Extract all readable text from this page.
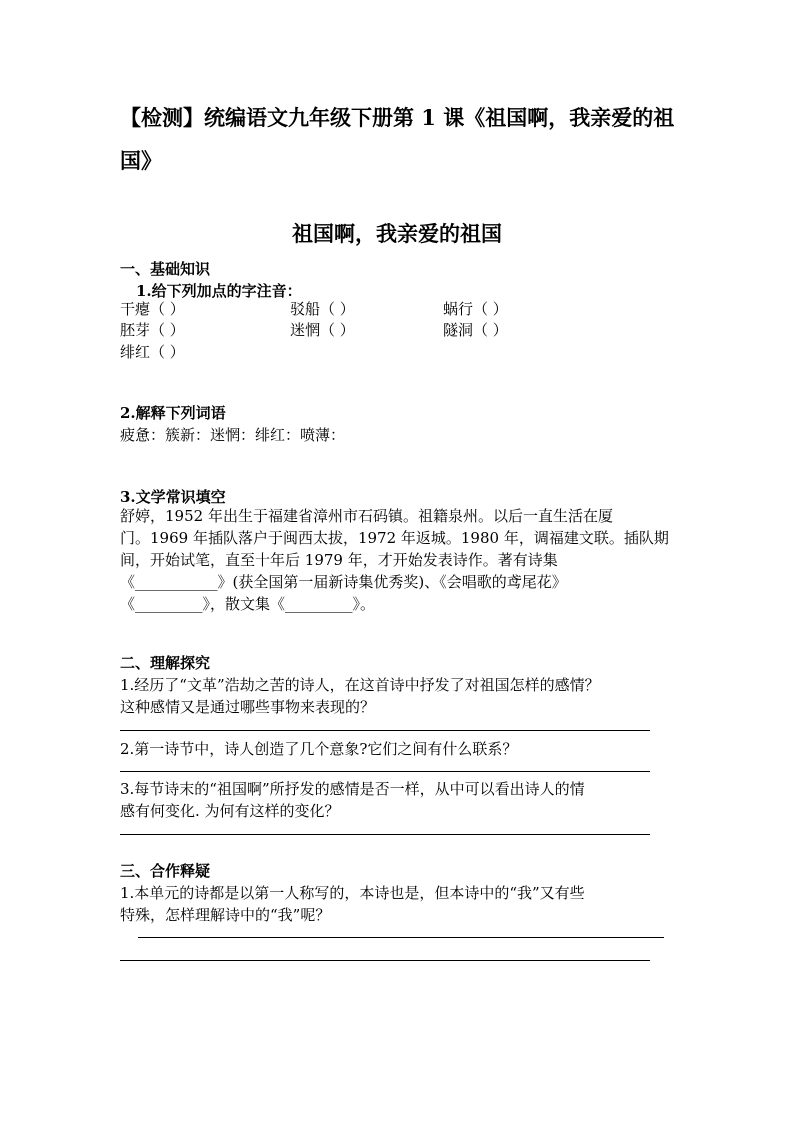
【检测】统编语文九年级下册第 1 课《祖国啊，我亲爱的祖国》
祖国啊，我亲爱的祖国
一、基础知识
1.给下列加点的字注音：
干瘪（ ）	驳船（ ）	蜗行（ ）
胚芽（ ）	迷惘（ ）	隧洞（ ）
绯红（ ）
2.解释下列词语
疲惫：簇新：迷惘：绯红：喷薄：
3.文学常识填空
舒婷，1952 年出生于福建省漳州市石码镇。祖籍泉州。以后一直生活在厦
门。1969 年插队落户于闽西太拔，1972 年返城。1980 年，调福建文联。插队期
间，开始试笔，直至十年后 1979 年，才开始发表诗作。著有诗集
《___________》(获全国第一届新诗集优秀奖)、《会唱歌的鸢尾花》
《_________》，散文集《_________》。
二、理解探究
1.经历了“文革”浩劫之苦的诗人，在这首诗中抒发了对祖国怎样的感情？
这种感情又是通过哪些事物来表现的？
2.第一诗节中，诗人创造了几个意象?它们之间有什么联系？
3.每节诗末的“祖国啊”所抒发的感情是否一样，从中可以看出诗人的情
感有何变化. 为何有这样的变化？
三、合作释疑
1.本单元的诗都是以第一人称写的，本诗也是，但本诗中的“我”又有些
特殊，怎样理解诗中的“我”呢？
